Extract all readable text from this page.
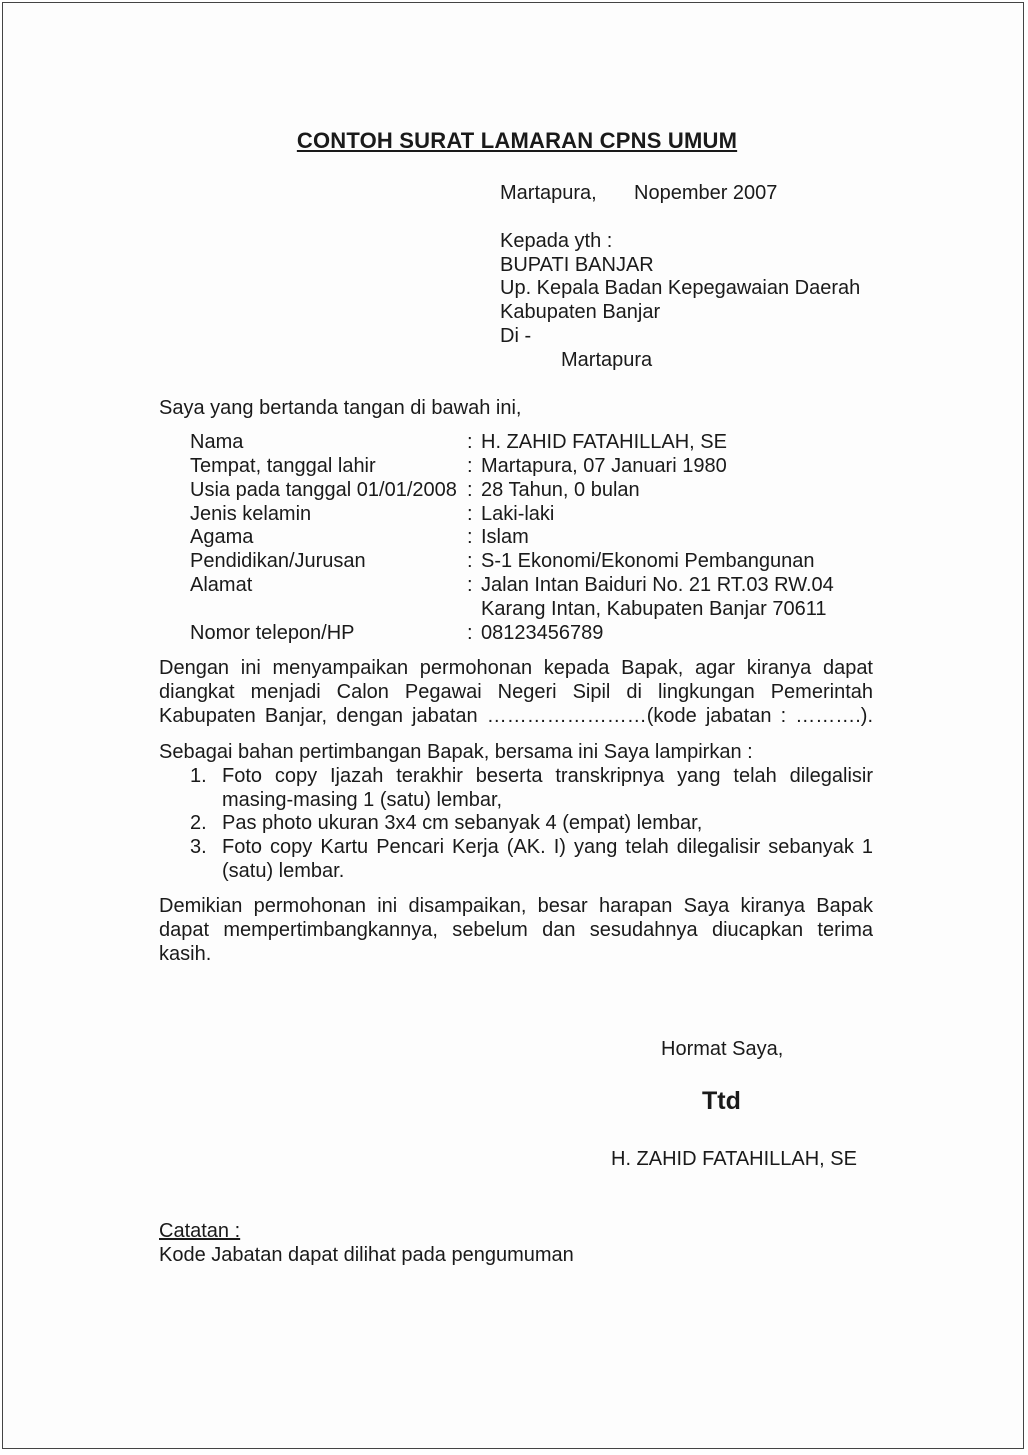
CONTOH SURAT LAMARAN CPNS UMUM
Martapura, Nopember 2007
Kepada yth :
BUPATI BANJAR
Up. Kepala Badan Kepegawaian Daerah
Kabupaten Banjar
Di -
Martapura
Saya yang bertanda tangan di bawah ini,
Nama	: H. ZAHID FATAHILLAH, SE
Tempat, tanggal lahir	: Martapura, 07 Januari 1980
Usia pada tanggal 01/01/2008 : 28 Tahun, 0 bulan
Jenis kelamin	: Laki-laki
Agama	: Islam
Pendidikan/Jurusan	: S-1 Ekonomi/Ekonomi Pembangunan
Alamat	: Jalan Intan Baiduri No. 21 RT.03 RW.04
Karang Intan, Kabupaten Banjar 70611
Nomor telepon/HP	: 08123456789
Dengan ini menyampaikan permohonan kepada Bapak, agar kiranya dapat
diangkat menjadi Calon Pegawai Negeri Sipil di lingkungan Pemerintah
Kabupaten Banjar, dengan jabatan ……………………(kode jabatan : ……….).
Sebagai bahan pertimbangan Bapak, bersama ini Saya lampirkan :
1. Foto copy Ijazah terakhir beserta transkripnya yang telah dilegalisir
masing-masing 1 (satu) lembar,
2. Pas photo ukuran 3x4 cm sebanyak 4 (empat) lembar,
3. Foto copy Kartu Pencari Kerja (AK. I) yang telah dilegalisir sebanyak 1
(satu) lembar.
Demikian permohonan ini disampaikan, besar harapan Saya kiranya Bapak
dapat mempertimbangkannya, sebelum dan sesudahnya diucapkan terima
kasih.
Hormat Saya,
Ttd
H. ZAHID FATAHILLAH, SE
Catatan :
Kode Jabatan dapat dilihat pada pengumuman
